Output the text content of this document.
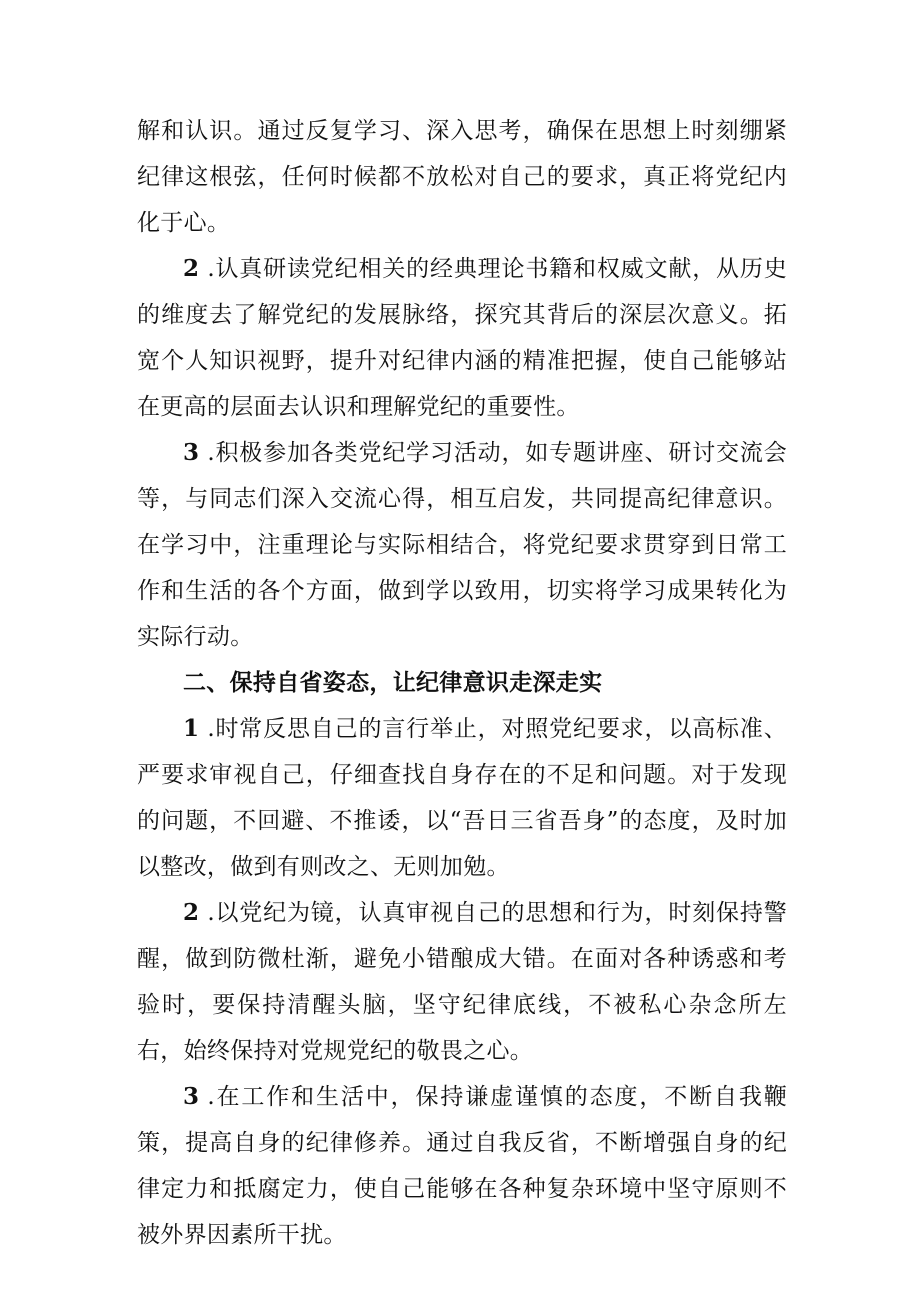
解和认识。通过反复学习、深入思考，确保在思想上时刻绷紧纪律这根弦，任何时候都不放松对自己的要求，真正将党纪内化于心。

2 .认真研读党纪相关的经典理论书籍和权威文献，从历史的维度去了解党纪的发展脉络，探究其背后的深层次意义。拓宽个人知识视野，提升对纪律内涵的精准把握，使自己能够站在更高的层面去认识和理解党纪的重要性。

3 .积极参加各类党纪学习活动，如专题讲座、研讨交流会等，与同志们深入交流心得，相互启发，共同提高纪律意识。在学习中，注重理论与实际相结合，将党纪要求贯穿到日常工作和生活的各个方面，做到学以致用，切实将学习成果转化为实际行动。

二、保持自省姿态，让纪律意识走深走实

1 .时常反思自己的言行举止，对照党纪要求，以高标准、严要求审视自己，仔细查找自身存在的不足和问题。对于发现的问题，不回避、不推诿，以“吾日三省吾身”的态度，及时加以整改，做到有则改之、无则加勉。

2 .以党纪为镜，认真审视自己的思想和行为，时刻保持警醒，做到防微杜渐，避免小错酿成大错。在面对各种诱惑和考验时，要保持清醒头脑，坚守纪律底线，不被私心杂念所左右，始终保持对党规党纪的敬畏之心。

3 .在工作和生活中，保持谦虚谨慎的态度，不断自我鞭策，提高自身的纪律修养。通过自我反省，不断增强自身的纪律定力和抵腐定力，使自己能够在各种复杂环境中坚守原则不被外界因素所干扰。
